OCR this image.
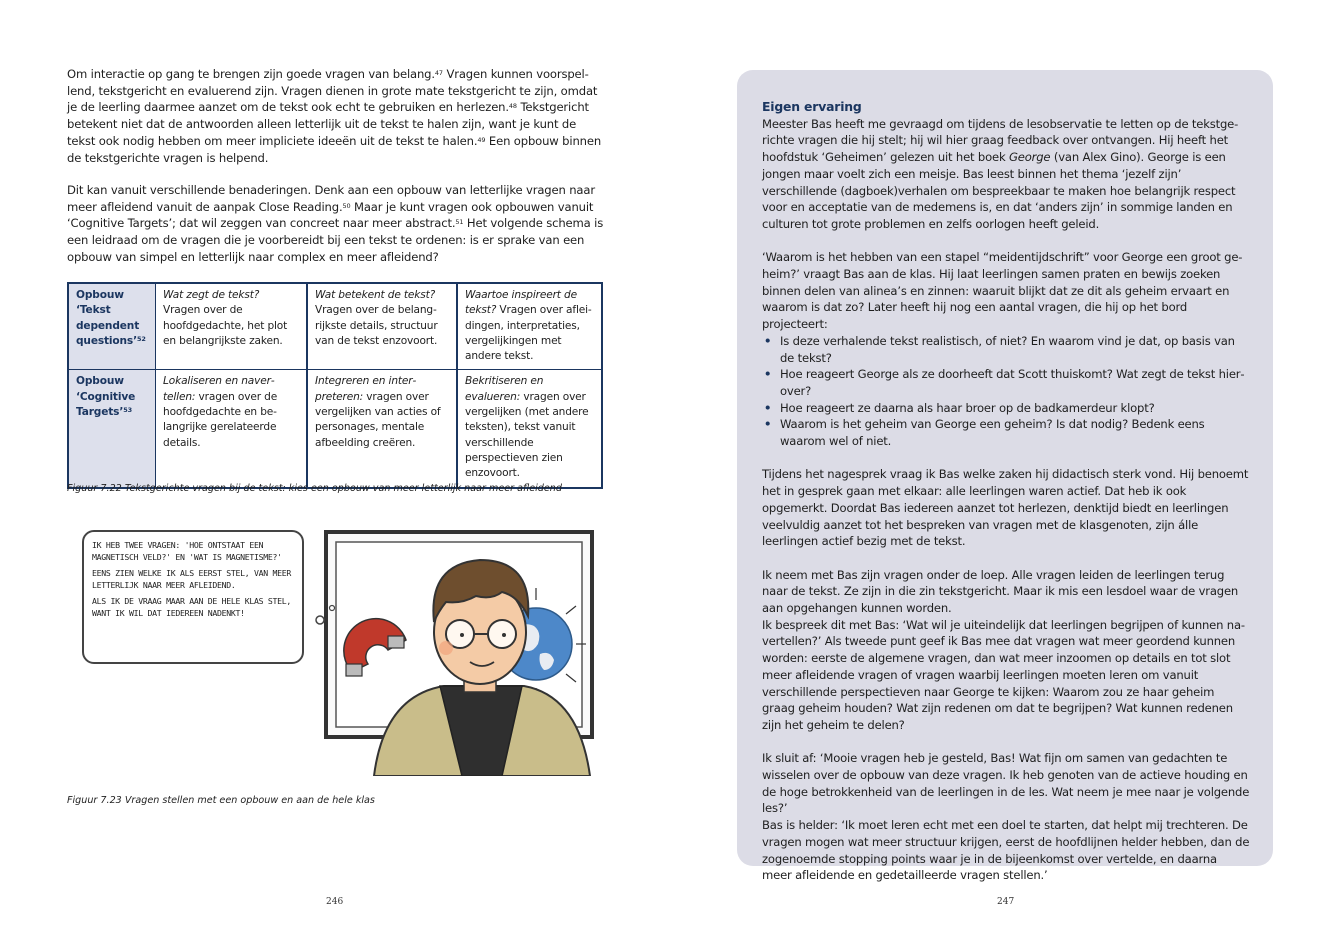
Om interactie op gang te brengen zijn goede vragen van belang.$^{47}$ Vragen kunnen voorspellend, tekstgericht en evaluerend zijn. Vragen dienen in grote mate tekstgericht te zijn, omdat je de leerling daarmee aanzet om de tekst ook echt te gebruiken en herlezen.$^{48}$ Tekstgericht betekent niet dat de antwoorden alleen letterlijk uit de tekst te halen zijn, want je kunt de tekst ook nodig hebben om meer impliciete ideeën uit de tekst te halen.$^{49}$ Een opbouw binnen de tekstgerichte vragen is helpend.
Dit kan vanuit verschillende benaderingen. Denk aan een opbouw van letterlijke vragen naar meer afleidend vanuit de aanpak Close Reading.$^{50}$ Maar je kunt vragen ook opbouwen vanuit ‘Cognitive Targets’; dat wil zeggen van concreet naar meer abstract.$^{51}$ Het volgende schema is een leidraad om de vragen die je voorbereidt bij een tekst te ordenen: is er sprake van een opbouw van simpel en letterlijk naar complex en meer afleidend?
Opbouw ‘Tekst dependent questions’$^{52}$	Wat zegt de tekst? Vragen over de hoofdgedachte, het plot en belangrijkste zaken.	Wat betekent de tekst? Vragen over de belangrijkste details, structuur van de tekst enzovoort.	Waartoe inspireert de tekst? Vragen over afleidingen, interpretaties, vergelijkingen met andere tekst.
Opbouw ‘Cognitive Targets’$^{53}$	Lokaliseren en navertellen: vragen over de hoofdgedachte en belangrijke gerelateerde details.	Integreren en interpreteren: vragen over vergelijken van acties of personages, mentale afbeelding creëren.	Bekritiseren en evalueren: vragen over vergelijken (met andere teksten), tekst vanuit verschillende perspectieven zien enzovoort.
Figuur 7.22 Tekstgerichte vragen bij de tekst: kies een opbouw van meer letterlijk naar meer afleidend

IK HEB TWEE VRAGEN: 'HOE ONTSTAAT EEN MAGNETISCH VELD?' EN 'WAT IS MAGNETISME?'

EENS ZIEN WELKE IK ALS EERST STEL, VAN MEER LETTERLIJK NAAR MEER AFLEIDEND.

ALS IK DE VRAAG MAAR AAN DE HELE KLAS STEL, WANT IK WIL DAT IEDEREEN NADENKT!

Figuur 7.23 Vragen stellen met een opbouw en aan de hele klas
246

Eigen ervaring

Meester Bas heeft me gevraagd om tijdens de lesobservatie te letten op de tekstgerichte vragen die hij stelt; hij wil hier graag feedback over ontvangen. Hij heeft het hoofdstuk ‘Geheimen’ gelezen uit het boek George (van Alex Gino). George is een jongen maar voelt zich een meisje. Bas leest binnen het thema ‘jezelf zijn’ verschillende (dagboek)verhalen om bespreekbaar te maken hoe belangrijk respect voor en acceptatie van de medemens is, en dat ‘anders zijn’ in sommige landen en culturen tot grote problemen en zelfs oorlogen heeft geleid.

‘Waarom is het hebben van een stapel “meidentijdschrift” voor George een groot geheim?’ vraagt Bas aan de klas. Hij laat leerlingen samen praten en bewijs zoeken binnen delen van alinea’s en zinnen: waaruit blijkt dat ze dit als geheim ervaart en waarom is dat zo? Later heeft hij nog een aantal vragen, die hij op het bord projecteert:

• Is deze verhalende tekst realistisch, of niet? En waarom vind je dat, op basis van de tekst?
• Hoe reageert George als ze doorheeft dat Scott thuiskomt? Wat zegt de tekst hierover?
• Hoe reageert ze daarna als haar broer op de badkamerdeur klopt?
• Waarom is het geheim van George een geheim? Is dat nodig? Bedenk eens waarom wel of niet.

Tijdens het nagesprek vraag ik Bas welke zaken hij didactisch sterk vond. Hij benoemt het in gesprek gaan met elkaar: alle leerlingen waren actief. Dat heb ik ook opgemerkt. Doordat Bas iedereen aanzet tot herlezen, denktijd biedt en leerlingen veelvuldig aanzet tot het bespreken van vragen met de klasgenoten, zijn álle leerlingen actief bezig met de tekst.

Ik neem met Bas zijn vragen onder de loep. Alle vragen leiden de leerlingen terug naar de tekst. Ze zijn in die zin tekstgericht. Maar ik mis een lesdoel waar de vragen aan opgehangen kunnen worden.

Ik bespreek dit met Bas: ‘Wat wil je uiteindelijk dat leerlingen begrijpen of kunnen navertellen?’ Als tweede punt geef ik Bas mee dat vragen wat meer geordend kunnen worden: eerste de algemene vragen, dan wat meer inzoomen op details en tot slot meer afleidende vragen of vragen waarbij leerlingen moeten leren om vanuit verschillende perspectieven naar George te kijken: Waarom zou ze haar geheim graag geheim houden? Wat zijn redenen om dat te begrijpen? Wat kunnen redenen zijn het geheim te delen?

Ik sluit af: ‘Mooie vragen heb je gesteld, Bas! Wat fijn om samen van gedachten te wisselen over de opbouw van deze vragen. Ik heb genoten van de actieve houding en de hoge betrokkenheid van de leerlingen in de les. Wat neem je mee naar je volgende les?’

Bas is helder: ‘Ik moet leren echt met een doel te starten, dat helpt mij trechteren. De vragen mogen wat meer structuur krijgen, eerst de hoofdlijnen helder hebben, dan de zogenoemde stopping points waar je in de bijeenkomst over vertelde, en daarna meer afleidende en gedetailleerde vragen stellen.’

247
